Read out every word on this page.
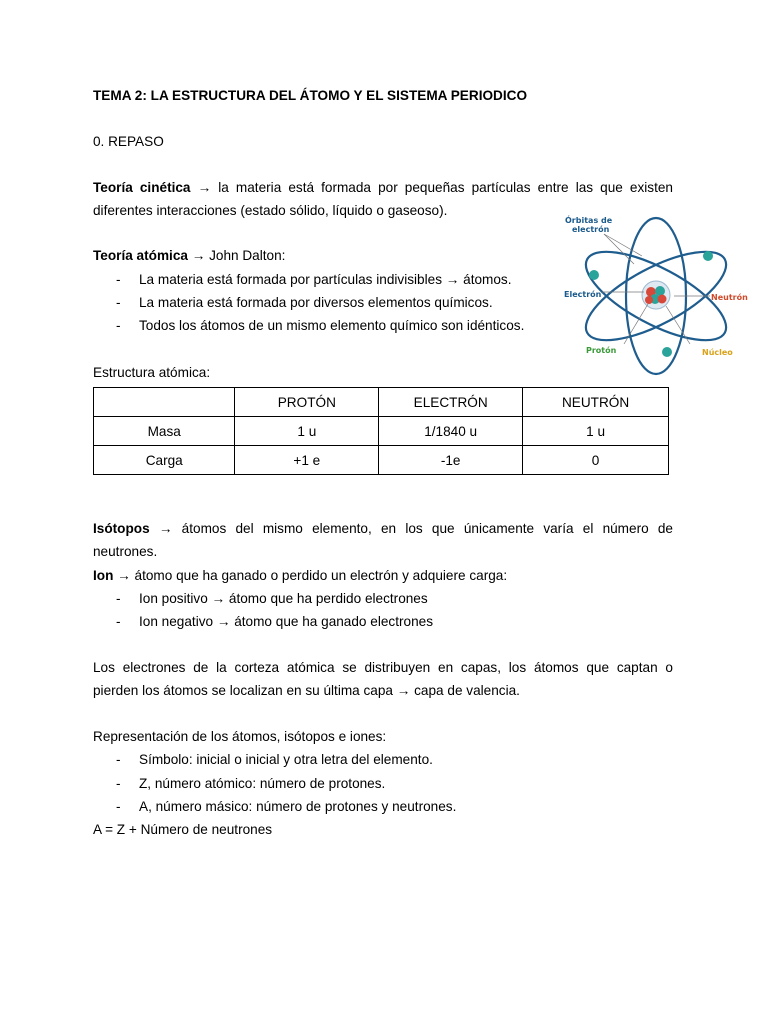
TEMA 2: LA ESTRUCTURA DEL ÁTOMO Y EL SISTEMA PERIODICO
0. REPASO
Teoría cinética → la materia está formada por pequeñas partículas entre las que existen
diferentes interacciones (estado sólido, líquido o gaseoso).
Teoría atómica → John Dalton:
-	La materia está formada por partículas indivisibles → átomos.
-	La materia está formada por diversos elementos químicos.
-	Todos los átomos de un mismo elemento químico son idénticos.
Órbitas de
electrón
Electrón	Neutrón
Protón	Núcleo
Estructura atómica:
	PROTÓN	ELECTRÓN	NEUTRÓN
Masa	1 u	1/1840 u	1 u
Carga	+1 e	-1e	0
Isótopos → átomos del mismo elemento, en los que únicamente varía el número de
neutrones.
Ion → átomo que ha ganado o perdido un electrón y adquiere carga:
-	Ion positivo → átomo que ha perdido electrones
-	Ion negativo → átomo que ha ganado electrones
Los electrones de la corteza atómica se distribuyen en capas, los átomos que captan o
pierden los átomos se localizan en su última capa → capa de valencia.
Representación de los átomos, isótopos e iones:
-	Símbolo: inicial o inicial y otra letra del elemento.
-	Z, número atómico: número de protones.
-	A, número másico: número de protones y neutrones.
A = Z + Número de neutrones
